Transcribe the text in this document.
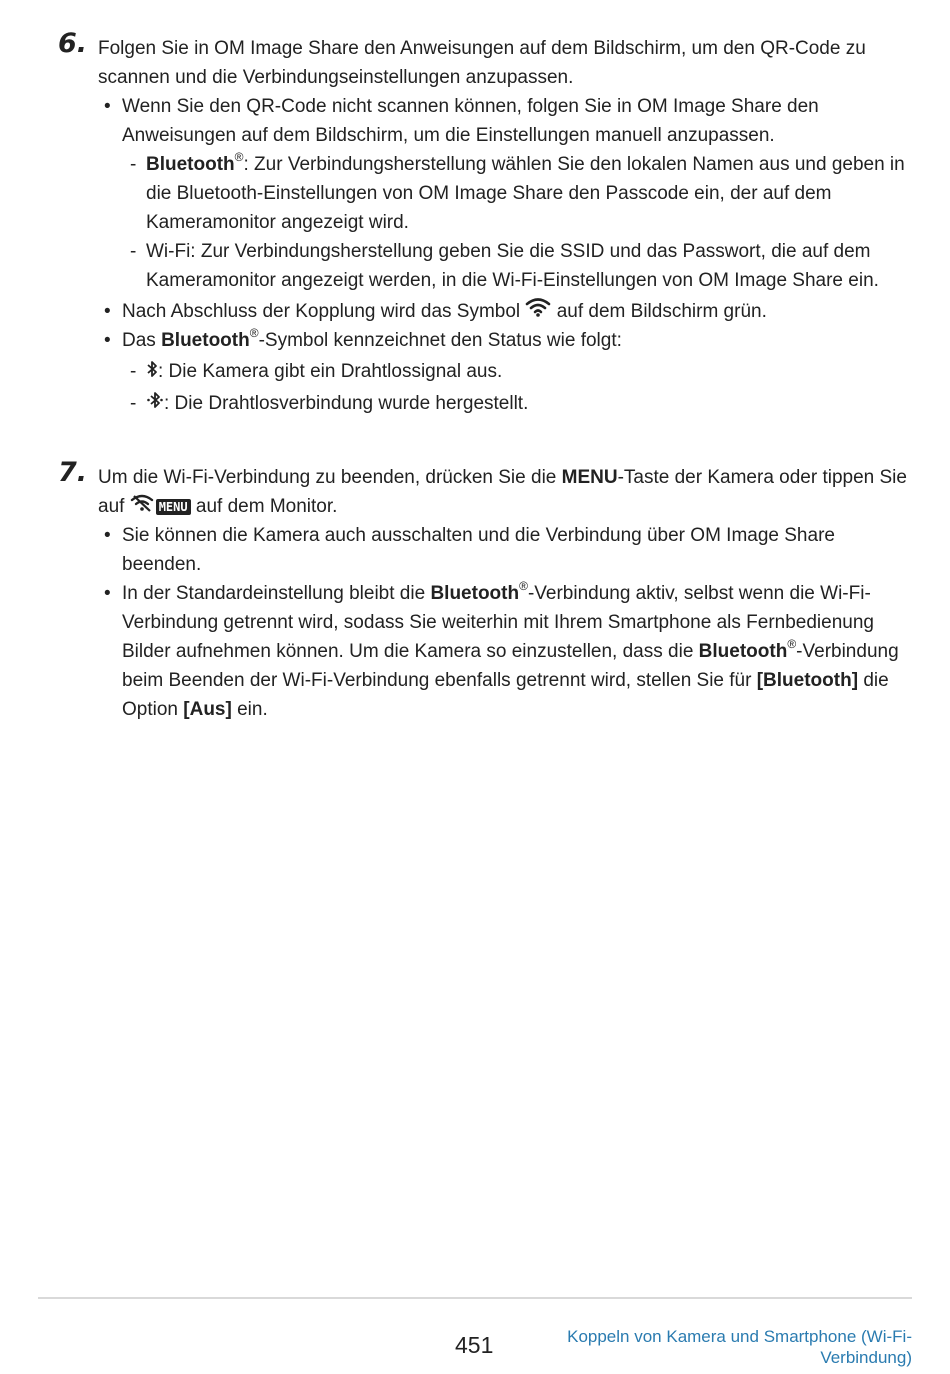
6. Folgen Sie in OM Image Share den Anweisungen auf dem Bildschirm, um den QR-Code zu scannen und die Verbindungseinstellungen anzupassen.
• Wenn Sie den QR-Code nicht scannen können, folgen Sie in OM Image Share den Anweisungen auf dem Bildschirm, um die Einstellungen manuell anzupassen.
- Bluetooth®: Zur Verbindungsherstellung wählen Sie den lokalen Namen aus und geben in die Bluetooth-Einstellungen von OM Image Share den Passcode ein, der auf dem Kameramonitor angezeigt wird.
- Wi-Fi: Zur Verbindungsherstellung geben Sie die SSID und das Passwort, die auf dem Kameramonitor angezeigt werden, in die Wi-Fi-Einstellungen von OM Image Share ein.
• Nach Abschluss der Kopplung wird das Symbol auf dem Bildschirm grün.
• Das Bluetooth®-Symbol kennzeichnet den Status wie folgt:
- : Die Kamera gibt ein Drahtlossignal aus.
- : Die Drahtlosverbindung wurde hergestellt.
7. Um die Wi-Fi-Verbindung zu beenden, drücken Sie die MENU-Taste der Kamera oder tippen Sie auf	MENU auf dem Monitor.
• Sie können die Kamera auch ausschalten und die Verbindung über OM Image Share beenden.
• In der Standardeinstellung bleibt die Bluetooth®-Verbindung aktiv, selbst wenn die Wi-Fi-Verbindung getrennt wird, sodass Sie weiterhin mit Ihrem Smartphone als Fernbedienung Bilder aufnehmen können. Um die Kamera so einzustellen, dass die Bluetooth®-Verbindung beim Beenden der Wi-Fi-Verbindung ebenfalls getrennt wird, stellen Sie für [Bluetooth] die Option [Aus] ein.
451	Koppeln von Kamera und Smartphone (Wi-Fi-Verbindung)
